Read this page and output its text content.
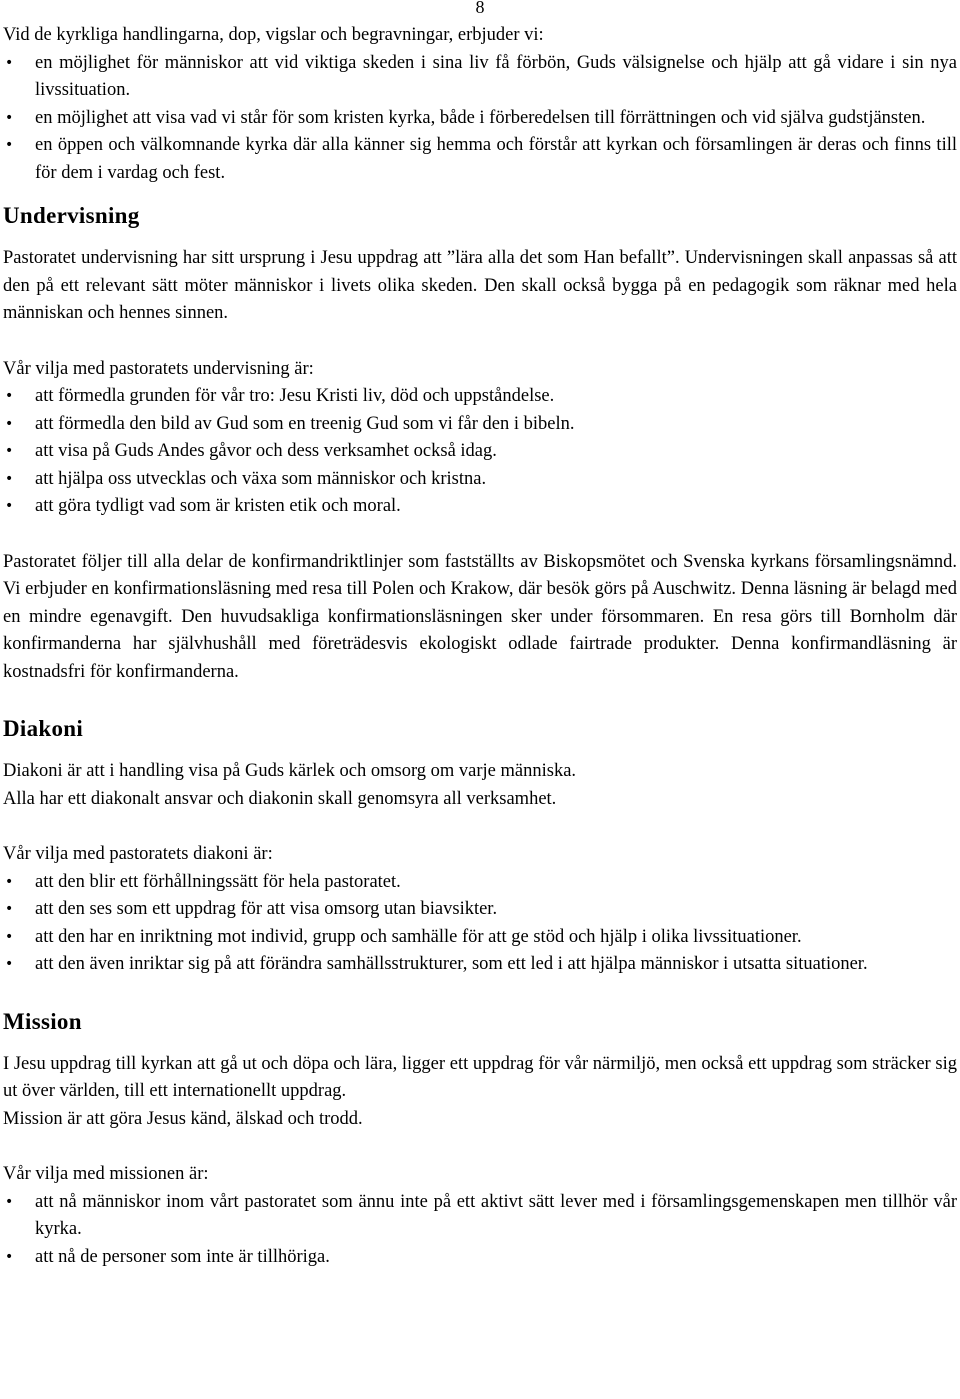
8

Vid de kyrkliga handlingarna, dop, vigslar och begravningar, erbjuder vi:

• en möjlighet för människor att vid viktiga skeden i sina liv få förbön, Guds välsignelse och hjälp att gå vidare i sin nya livssituation.
• en möjlighet att visa vad vi står för som kristen kyrka, både i förberedelsen till förrättningen och vid själva gudstjänsten.
• en öppen och välkomnande kyrka där alla känner sig hemma och förstår att kyrkan och församlingen är deras och finns till för dem i vardag och fest.
Undervisning

Pastoratet undervisning har sitt ursprung i Jesu uppdrag att ”lära alla det som Han befallt”. Undervisningen skall anpassas så att den på ett relevant sätt möter människor i livets olika skeden. Den skall också bygga på en pedagogik som räknar med hela människan och hennes sinnen.

Vår vilja med pastoratets undervisning är:

• att förmedla grunden för vår tro: Jesu Kristi liv, död och uppståndelse.
• att förmedla den bild av Gud som en treenig Gud som vi får den i bibeln.
• att visa på Guds Andes gåvor och dess verksamhet också idag.
• att hjälpa oss utvecklas och växa som människor och kristna.
• att göra tydligt vad som är kristen etik och moral.

Pastoratet följer till alla delar de konfirmandriktlinjer som fastställts av Biskopsmötet och Svenska kyrkans församlingsnämnd. Vi erbjuder en konfirmationsläsning med resa till Polen och Krakow, där besök görs på Auschwitz. Denna läsning är belagd med en mindre egenavgift. Den huvudsakliga konfirmationsläsningen sker under försommaren. En resa görs till Bornholm där konfirmanderna har självhushåll med företrädesvis ekologiskt odlade fairtrade produkter. Denna konfirmandläsning är kostnadsfri för konfirmanderna.

Diakoni

Diakoni är att i handling visa på Guds kärlek och omsorg om varje människa.

Alla har ett diakonalt ansvar och diakonin skall genomsyra all verksamhet.

Vår vilja med pastoratets diakoni är:

• att den blir ett förhållningssätt för hela pastoratet.
• att den ses som ett uppdrag för att visa omsorg utan biavsikter.
• att den har en inriktning mot individ, grupp och samhälle för att ge stöd och hjälp i olika livssituationer.
• att den även inriktar sig på att förändra samhällsstrukturer, som ett led i att hjälpa människor i utsatta situationer.
Mission

I Jesu uppdrag till kyrkan att gå ut och döpa och lära, ligger ett uppdrag för vår närmiljö, men också ett uppdrag som sträcker sig ut över världen, till ett internationellt uppdrag.

Mission är att göra Jesus känd, älskad och trodd.

Vår vilja med missionen är:

• att nå människor inom vårt pastoratet som ännu inte på ett aktivt sätt lever med i församlingsgemenskapen men tillhör vår kyrka.
• att nå de personer som inte är tillhöriga.
